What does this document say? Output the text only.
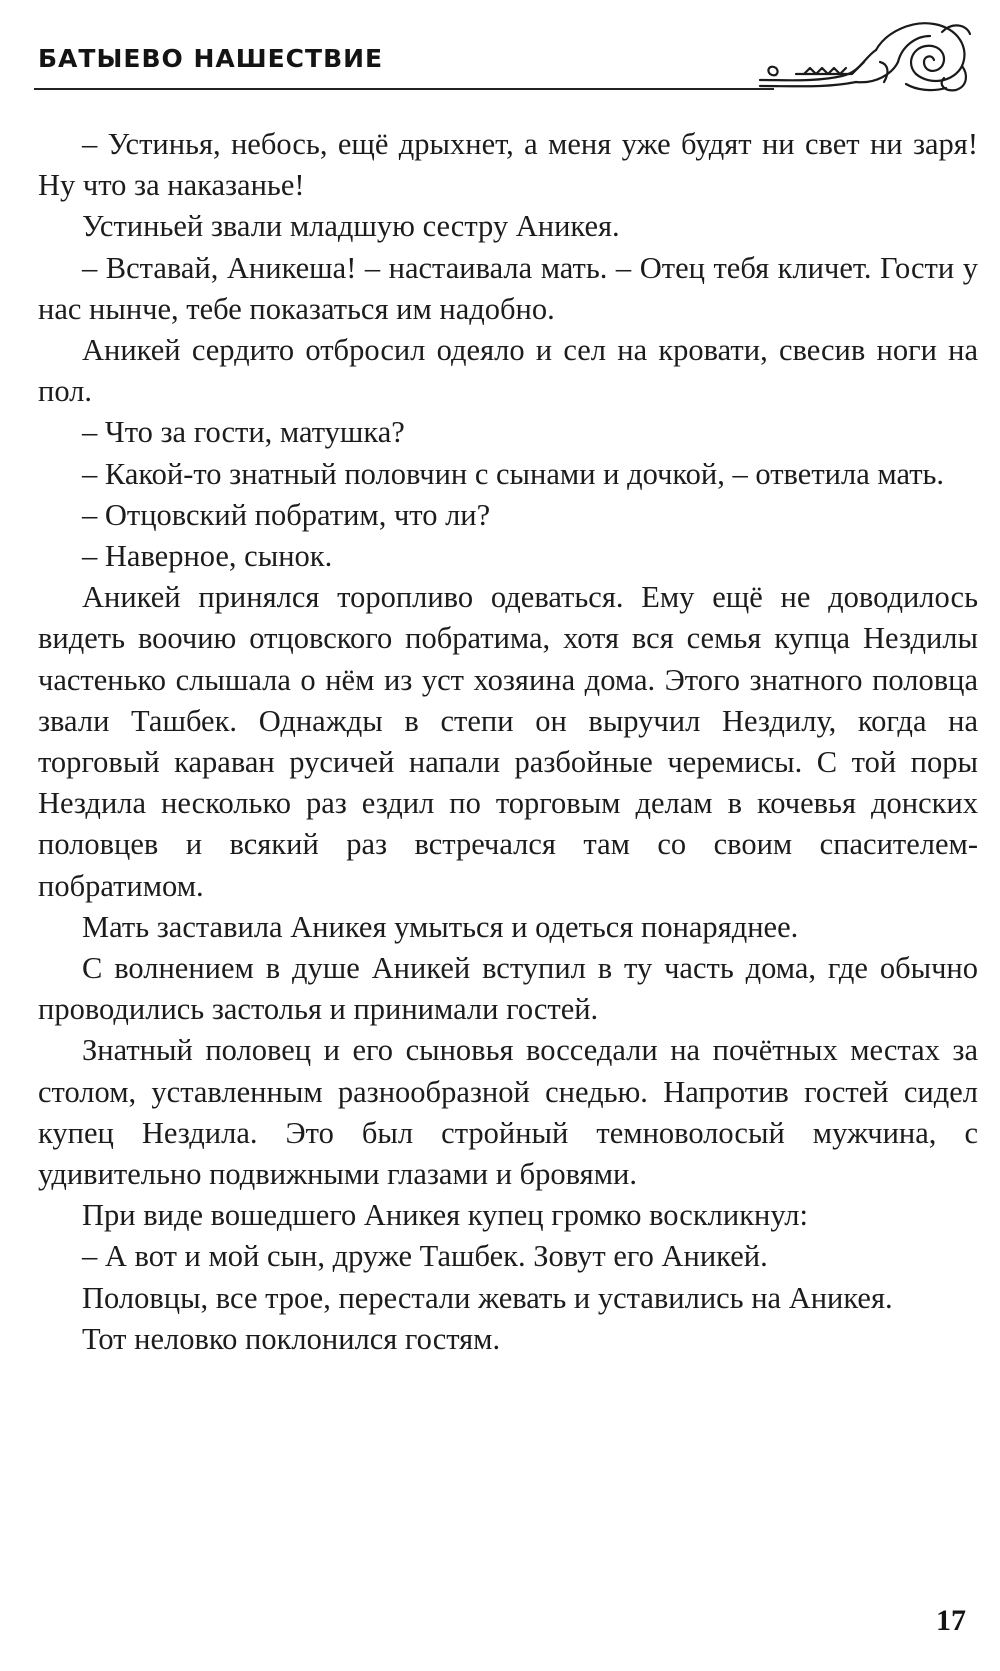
БАТЫЕВО НАШЕСТВИЕ

– Устинья, небось, ещё дрыхнет, а меня уже будят ни свет ни заря! Ну что за наказанье!

Устиньей звали младшую сестру Аникея.

– Вставай, Аникеша! – настаивала мать. – Отец тебя кличет. Гости у нас нынче, тебе показаться им надобно.

Аникей сердито отбросил одеяло и сел на кровати, свесив ноги на пол.

– Что за гости, матушка?

– Какой-то знатный половчин с сынами и дочкой, – ответила мать.

– Отцовский побратим, что ли?

– Наверное, сынок.

Аникей принялся торопливо одеваться. Ему ещё не доводилось видеть воочию отцовского побратима, хотя вся семья купца Нездилы частенько слышала о нём из уст хозяина дома. Этого знатного половца звали Ташбек. Однажды в степи он выручил Нездилу, когда на торговый караван русичей напали разбойные черемисы. С той поры Нездила несколько раз ездил по торговым делам в кочевья донских половцев и всякий раз встречался там со своим спасителем-побратимом.

Мать заставила Аникея умыться и одеться понаряднее.

С волнением в душе Аникей вступил в ту часть дома, где обычно проводились застолья и принимали гостей.

Знатный половец и его сыновья восседали на почётных местах за столом, уставленным разнообразной снедью. Напротив гостей сидел купец Нездила. Это был стройный темноволосый мужчина, с удивительно подвижными глазами и бровями.

При виде вошедшего Аникея купец громко воскликнул:

– А вот и мой сын, друже Ташбек. Зовут его Аникей.

Половцы, все трое, перестали жевать и уставились на Аникея.

Тот неловко поклонился гостям.

17
